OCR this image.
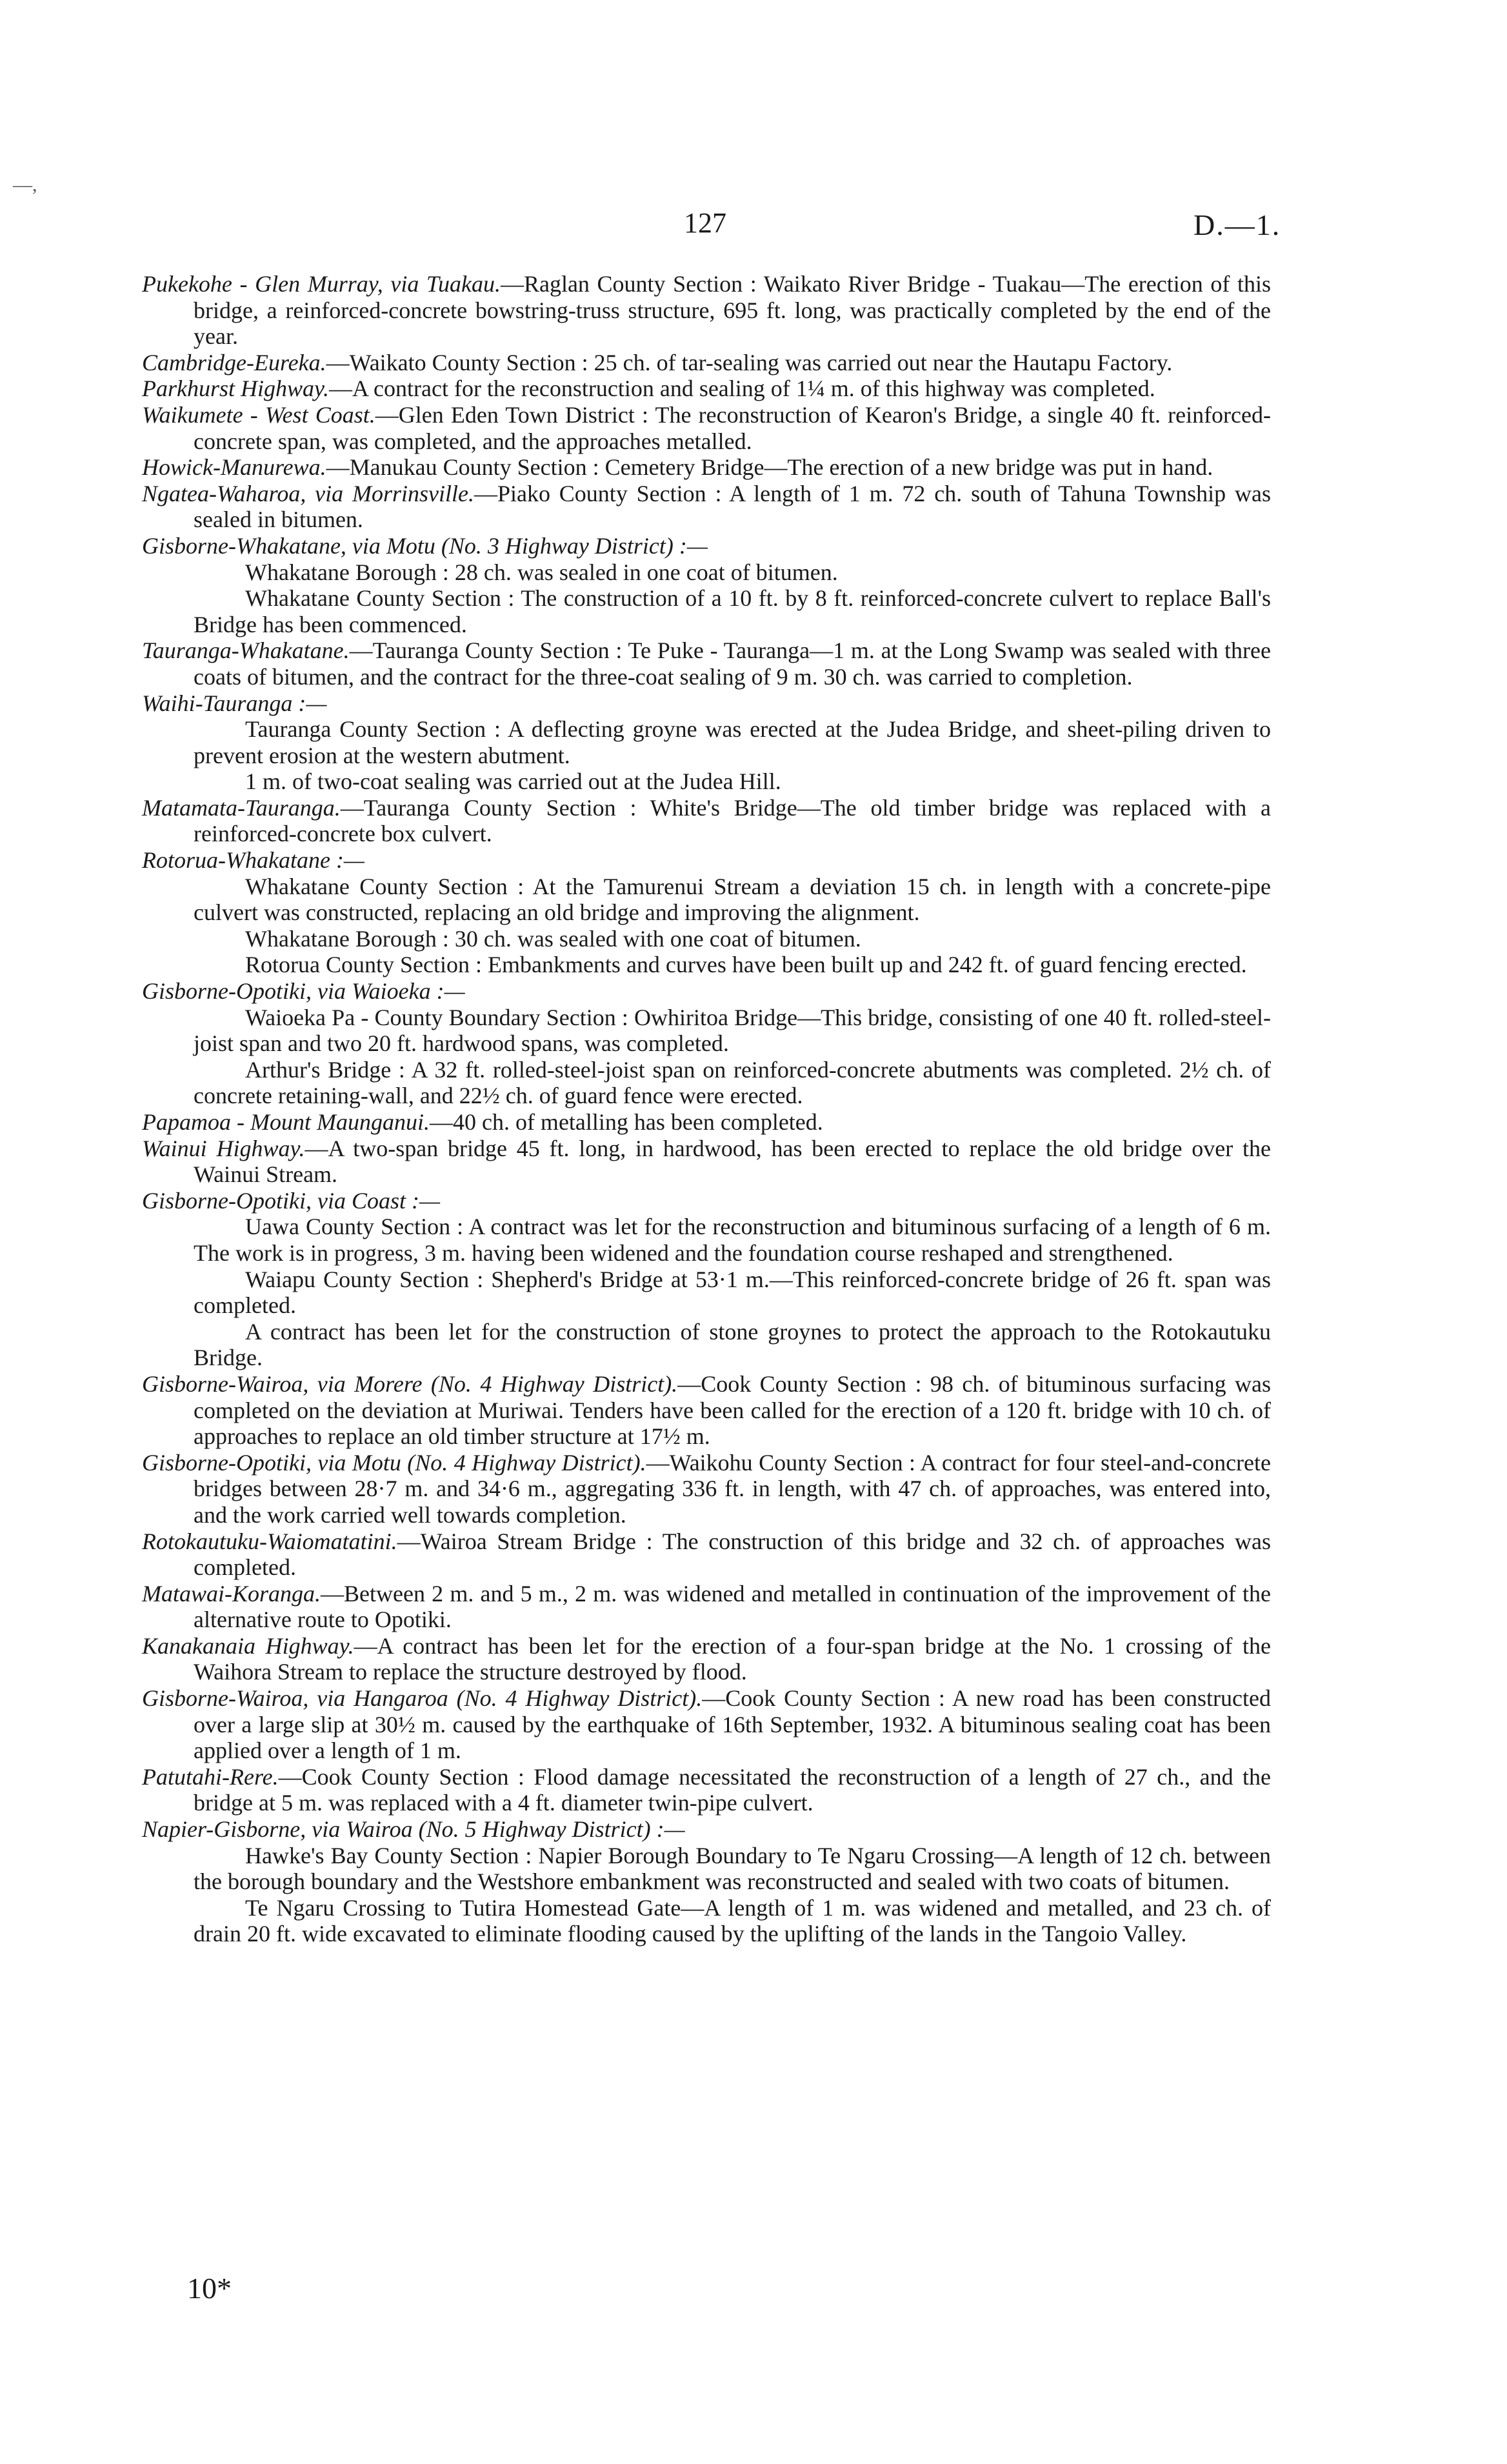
—,
127	D.—1.

Pukekohe - Glen Murray, via Tuakau.—Raglan County Section : Waikato River Bridge - Tuakau—The erection of this bridge, a reinforced-concrete bowstring-truss structure, 695 ft. long, was practically completed by the end of the year.

Cambridge-Eureka.—Waikato County Section : 25 ch. of tar-sealing was carried out near the Hautapu Factory.

Parkhurst Highway.—A contract for the reconstruction and sealing of 1¼ m. of this highway was completed.

Waikumete - West Coast.—Glen Eden Town District : The reconstruction of Kearon's Bridge, a single 40 ft. reinforced-concrete span, was completed, and the approaches metalled.

Howick-Manurewa.—Manukau County Section : Cemetery Bridge—The erection of a new bridge was put in hand.

Ngatea-Waharoa, via Morrinsville.—Piako County Section : A length of 1 m. 72 ch. south of Tahuna Township was sealed in bitumen.

Gisborne-Whakatane, via Motu (No. 3 Highway District) :—

Whakatane Borough : 28 ch. was sealed in one coat of bitumen.

Whakatane County Section : The construction of a 10 ft. by 8 ft. reinforced-concrete culvert to replace Ball's Bridge has been commenced.

Tauranga-Whakatane.—Tauranga County Section : Te Puke - Tauranga—1 m. at the Long Swamp was sealed with three coats of bitumen, and the contract for the three-coat sealing of 9 m. 30 ch. was carried to completion.

Waihi-Tauranga :—

Tauranga County Section : A deflecting groyne was erected at the Judea Bridge, and sheet-piling driven to prevent erosion at the western abutment.

1 m. of two-coat sealing was carried out at the Judea Hill.

Matamata-Tauranga.—Tauranga County Section : White's Bridge—The old timber bridge was replaced with a reinforced-concrete box culvert.

Rotorua-Whakatane :—

Whakatane County Section : At the Tamurenui Stream a deviation 15 ch. in length with a concrete-pipe culvert was constructed, replacing an old bridge and improving the alignment.

Whakatane Borough : 30 ch. was sealed with one coat of bitumen.

Rotorua County Section : Embankments and curves have been built up and 242 ft. of guard fencing erected.

Gisborne-Opotiki, via Waioeka :—

Waioeka Pa - County Boundary Section : Owhiritoa Bridge—This bridge, consisting of one 40 ft. rolled-steel-joist span and two 20 ft. hardwood spans, was completed.

Arthur's Bridge : A 32 ft. rolled-steel-joist span on reinforced-concrete abutments was completed. 2½ ch. of concrete retaining-wall, and 22½ ch. of guard fence were erected.

Papamoa - Mount Maunganui.—40 ch. of metalling has been completed.

Wainui Highway.—A two-span bridge 45 ft. long, in hardwood, has been erected to replace the old bridge over the Wainui Stream.

Gisborne-Opotiki, via Coast :—

Uawa County Section : A contract was let for the reconstruction and bituminous surfacing of a length of 6 m. The work is in progress, 3 m. having been widened and the foundation course reshaped and strengthened.

Waiapu County Section : Shepherd's Bridge at 53·1 m.—This reinforced-concrete bridge of 26 ft. span was completed.

A contract has been let for the construction of stone groynes to protect the approach to the Rotokautuku Bridge.

Gisborne-Wairoa, via Morere (No. 4 Highway District).—Cook County Section : 98 ch. of bituminous surfacing was completed on the deviation at Muriwai. Tenders have been called for the erection of a 120 ft. bridge with 10 ch. of approaches to replace an old timber structure at 17½ m.

Gisborne-Opotiki, via Motu (No. 4 Highway District).—Waikohu County Section : A contract for four steel-and-concrete bridges between 28·7 m. and 34·6 m., aggregating 336 ft. in length, with 47 ch. of approaches, was entered into, and the work carried well towards completion.

Rotokautuku-Waiomatatini.—Wairoa Stream Bridge : The construction of this bridge and 32 ch. of approaches was completed.

Matawai-Koranga.—Between 2 m. and 5 m., 2 m. was widened and metalled in continuation of the improvement of the alternative route to Opotiki.

Kanakanaia Highway.—A contract has been let for the erection of a four-span bridge at the No. 1 crossing of the Waihora Stream to replace the structure destroyed by flood.

Gisborne-Wairoa, via Hangaroa (No. 4 Highway District).—Cook County Section : A new road has been constructed over a large slip at 30½ m. caused by the earthquake of 16th September, 1932. A bituminous sealing coat has been applied over a length of 1 m.

Patutahi-Rere.—Cook County Section : Flood damage necessitated the reconstruction of a length of 27 ch., and the bridge at 5 m. was replaced with a 4 ft. diameter twin-pipe culvert.

Napier-Gisborne, via Wairoa (No. 5 Highway District) :—

Hawke's Bay County Section : Napier Borough Boundary to Te Ngaru Crossing—A length of 12 ch. between the borough boundary and the Westshore embankment was reconstructed and sealed with two coats of bitumen.

Te Ngaru Crossing to Tutira Homestead Gate—A length of 1 m. was widened and metalled, and 23 ch. of drain 20 ft. wide excavated to eliminate flooding caused by the uplifting of the lands in the Tangoio Valley.

10*
